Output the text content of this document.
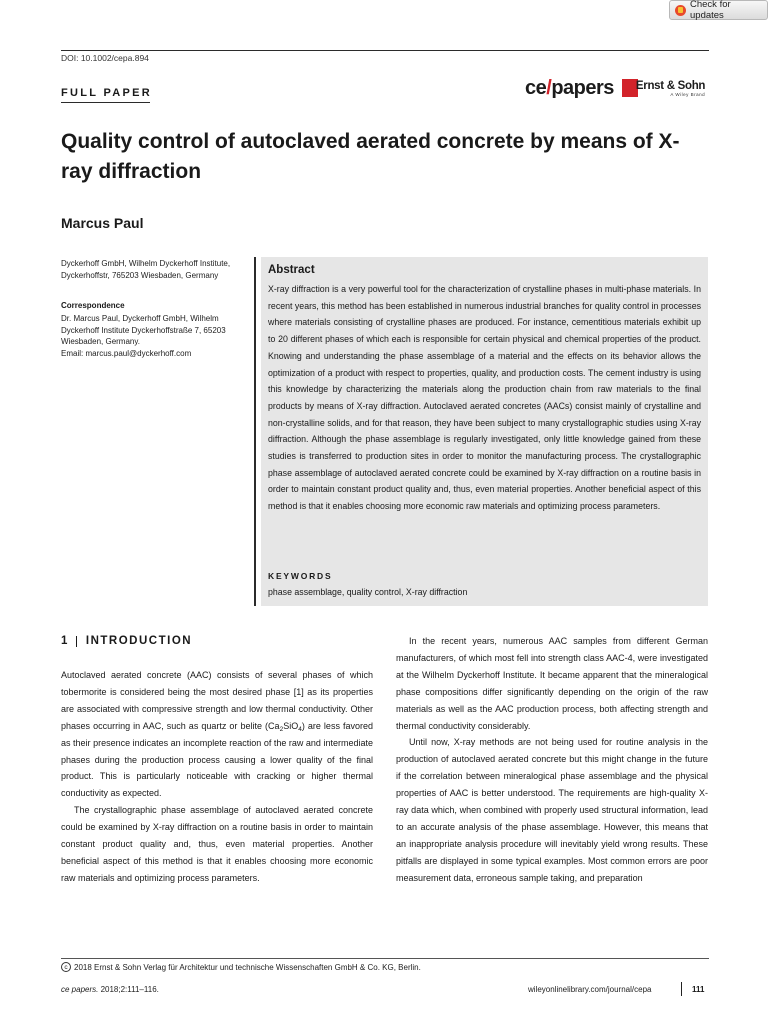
Check for updates
DOI: 10.1002/cepa.894
FULL PAPER	ce/papers Ernst & Sohn
A Wiley Brand
Quality control of autoclaved aerated concrete by means of X-ray diffraction
Marcus Paul
Dyckerhoff GmbH, Wilhelm Dyckerhoff Institute, Dyckerhoffstr, 765203 Wiesbaden, Germany
Correspondence
Dr. Marcus Paul, Dyckerhoff GmbH, Wilhelm Dyckerhoff Institute Dyckerhoffstraße 7, 65203 Wiesbaden, Germany.
Email: marcus.paul@dyckerhoff.com
Abstract
X-ray diffraction is a very powerful tool for the characterization of crystalline phases in multi-phase materials. In recent years, this method has been established in numerous industrial branches for quality control in processes where materials consisting of crystalline phases are produced. For instance, cementitious materials exhibit up to 20 different phases of which each is responsible for certain physical and chemical properties of the product. Knowing and understanding the phase assemblage of a material and the effects on its behavior allows the optimization of a product with respect to properties, quality, and production costs. The cement industry is using this knowledge by characterizing the materials along the production chain from raw materials to the final products by means of X-ray diffraction. Autoclaved aerated concretes (AACs) consist mainly of crystalline and non-crystalline solids, and for that reason, they have been subject to many crystallographic studies using X-ray diffraction. Although the phase assemblage is regularly investigated, only little knowledge gained from these studies is transferred to production sites in order to monitor the manufacturing process. The crystallographic phase assemblage of autoclaved aerated concrete could be examined by X-ray diffraction on a routine basis in order to maintain constant product quality and, thus, even material properties. Another beneficial aspect of this method is that it enables choosing more economic raw materials and optimizing process parameters.
KEYWORDS
phase assemblage, quality control, X-ray diffraction
1 INTRODUCTION

Autoclaved aerated concrete (AAC) consists of several phases of which tobermorite is considered being the most desired phase [1] as its properties are associated with compressive strength and low thermal conductivity. Other phases occurring in AAC, such as quartz or belite $(Ca_2SiO_4)$ are less favored as their presence indicates an incomplete reaction of the raw and intermediate phases during the production process causing a lower quality of the final product. This is particularly noticeable with cracking or higher thermal conductivity as expected.

The crystallographic phase assemblage of autoclaved aerated concrete could be examined by X-ray diffraction on a routine basis in order to maintain constant product quality and, thus, even material properties. Another beneficial aspect of this method is that it enables choosing more economic raw materials and optimizing process parameters.

In the recent years, numerous AAC samples from different German manufacturers, of which most fell into strength class AAC-4, were investigated at the Wilhelm Dyckerhoff Institute. It became apparent that the mineralogical phase compositions differ significantly depending on the origin of the raw materials as well as the AAC production process, both affecting strength and thermal conductivity considerably.

Until now, X-ray methods are not being used for routine analysis in the production of autoclaved aerated concrete but this might change in the future if the correlation between mineralogical phase assemblage and the physical properties of AAC is better understood. The requirements are high-quality X-ray data which, when combined with properly used structural information, lead to an accurate analysis of the phase assemblage. However, this means that an inappropriate analysis procedure will inevitably yield wrong results. These pitfalls are displayed in some typical examples. Most common errors are poor measurement data, erroneous sample taking, and preparation

c 2018 Ernst & Sohn Verlag für Architektur und technische Wissenschaften GmbH & Co. KG, Berlin.
ce papers. 2018;2:111–116.	wileyonlinelibrary.com/journal/cepa	111
